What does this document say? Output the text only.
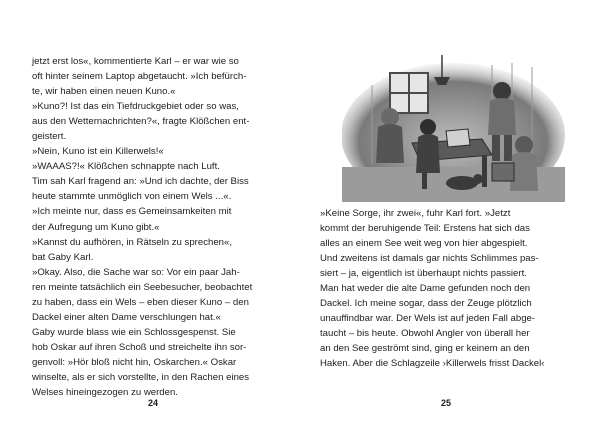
jetzt erst los«, kommentierte Karl – er war wie so
oft hinter seinem Laptop abgetaucht. »Ich befürch-
te, wir haben einen neuen Kuno.«
»Kuno?! Ist das ein Tiefdruckgebiet oder so was,
aus den Wetternachrichten?«, fragte Klößchen ent-
geistert.
»Nein, Kuno ist ein Killerwels!«
»WAAAS?!« Klößchen schnappte nach Luft.
Tim sah Karl fragend an: »Und ich dachte, der Biss
heute stammte unmöglich von einem Wels ...«.
»Ich meinte nur, dass es Gemeinsamkeiten mit
der Aufregung um Kuno gibt.«
»Kannst du aufhören, in Rätseln zu sprechen«,
bat Gaby Karl.
»Okay. Also, die Sache war so: Vor ein paar Jah-
ren meinte tatsächlich ein Seebesucher, beobachtet
zu haben, dass ein Wels – eben dieser Kuno – den
Dackel einer alten Dame verschlungen hat.«
Gaby wurde blass wie ein Schlossgespenst. Sie
hob Oskar auf ihren Schoß und streichelte ihn sor-
genvoll: »Hör bloß nicht hin, Oskarchen.« Oskar
winselte, als er sich vorstellte, in den Rachen eines
Welses hineingezogen zu werden.
24
»Keine Sorge, ihr zwei«, fuhr Karl fort. »Jetzt
kommt der beruhigende Teil: Erstens hat sich das
alles an einem See weit weg von hier abgespielt.
Und zweitens ist damals gar nichts Schlimmes pas-
siert – ja, eigentlich ist überhaupt nichts passiert.
Man hat weder die alte Dame gefunden noch den
Dackel. Ich meine sogar, dass der Zeuge plötzlich
unauffindbar war. Der Wels ist auf jeden Fall abge-
taucht – bis heute. Obwohl Angler von überall her
an den See geströmt sind, ging er keinem an den
Haken. Aber die Schlagzeile ›Killerwels frisst Dackel‹
25
